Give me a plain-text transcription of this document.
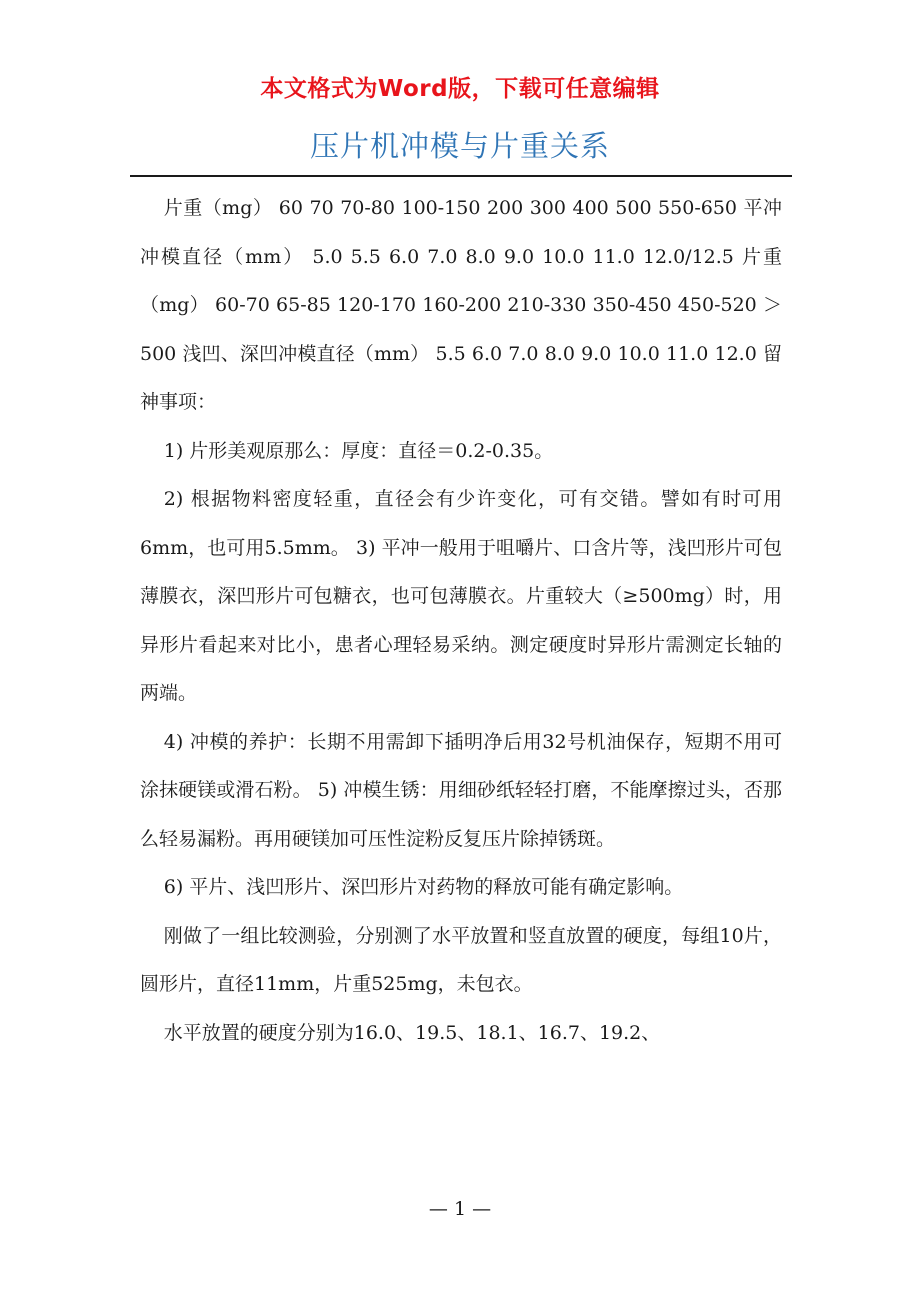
本文格式为Word版，下载可任意编辑
压片机冲模与片重关系

片重（mg） 60 70 70-80 100-150 200 300 400 500 550-650 平冲冲模直径（mm） 5.0 5.5 6.0 7.0 8.0 9.0 10.0 11.0 12.0/12.5 片重（mg） 60-70 65-85 120-170 160-200 210-330 350-450 450-520 ＞500 浅凹、深凹冲模直径（mm） 5.5 6.0 7.0 8.0 9.0 10.0 11.0 12.0 留神事项：

1) 片形美观原那么：厚度：直径＝0.2-0.35。

2) 根据物料密度轻重，直径会有少许变化，可有交错。譬如有时可用6mm，也可用5.5mm。 3) 平冲一般用于咀嚼片、口含片等，浅凹形片可包薄膜衣，深凹形片可包糖衣，也可包薄膜衣。片重较大（≥500mg）时，用异形片看起来对比小，患者心理轻易采纳。测定硬度时异形片需测定长轴的两端。

4) 冲模的养护：长期不用需卸下插明净后用32号机油保存，短期不用可涂抹硬镁或滑石粉。 5) 冲模生锈：用细砂纸轻轻打磨，不能摩擦过头，否那么轻易漏粉。再用硬镁加可压性淀粉反复压片除掉锈斑。

6) 平片、浅凹形片、深凹形片对药物的释放可能有确定影响。

刚做了一组比较测验，分别测了水平放置和竖直放置的硬度，每组10片，圆形片，直径11mm，片重525mg，未包衣。

水平放置的硬度分别为16.0、19.5、18.1、16.7、19.2、

— 1 —
